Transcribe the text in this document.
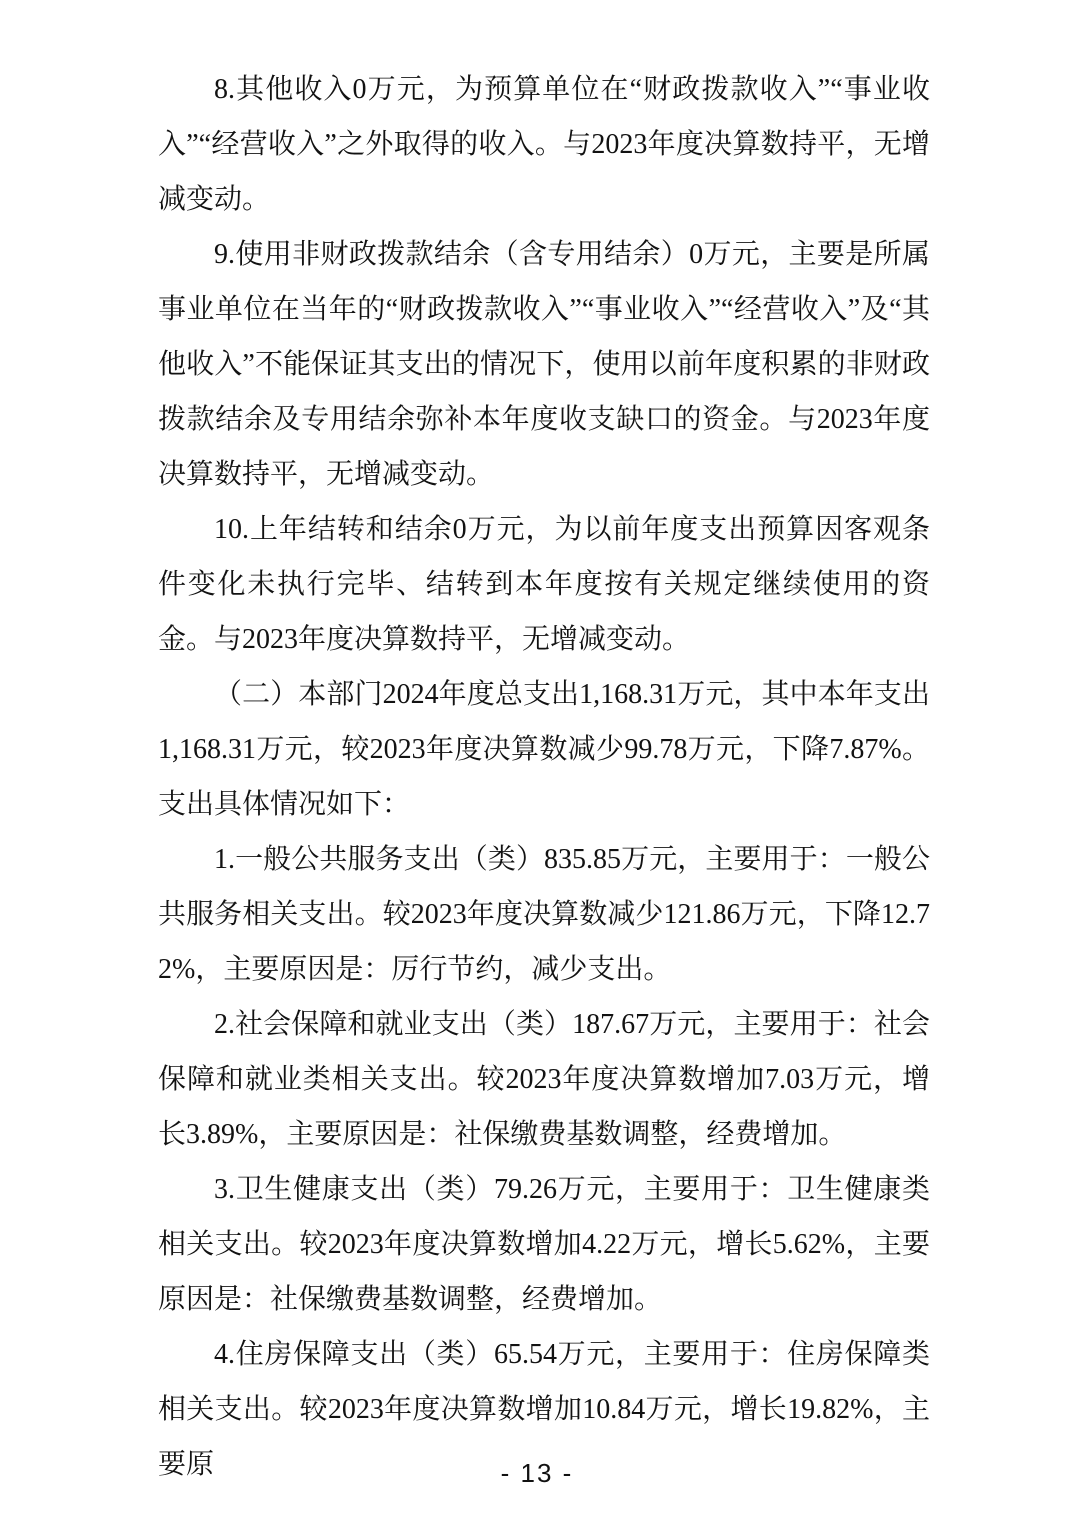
8.其他收入0万元，为预算单位在“财政拨款收入”“事业收入”“经营收入”之外取得的收入。与2023年度决算数持平，无增减变动。

9.使用非财政拨款结余（含专用结余）0万元，主要是所属事业单位在当年的“财政拨款收入”“事业收入”“经营收入”及“其他收入”不能保证其支出的情况下，使用以前年度积累的非财政拨款结余及专用结余弥补本年度收支缺口的资金。与2023年度决算数持平，无增减变动。

10.上年结转和结余0万元，为以前年度支出预算因客观条件变化未执行完毕、结转到本年度按有关规定继续使用的资金。与2023年度决算数持平，无增减变动。

（二）本部门2024年度总支出1,168.31万元，其中本年支出1,168.31万元，较2023年度决算数减少99.78万元，下降7.87%。支出具体情况如下：

1.一般公共服务支出（类）835.85万元，主要用于：一般公共服务相关支出。较2023年度决算数减少121.86万元，下降12.72%，主要原因是：厉行节约，减少支出。

2.社会保障和就业支出（类）187.67万元，主要用于：社会保障和就业类相关支出。较2023年度决算数增加7.03万元，增长3.89%，主要原因是：社保缴费基数调整，经费增加。

3.卫生健康支出（类）79.26万元，主要用于：卫生健康类相关支出。较2023年度决算数增加4.22万元，增长5.62%，主要原因是：社保缴费基数调整，经费增加。

4.住房保障支出（类）65.54万元，主要用于：住房保障类相关支出。较2023年度决算数增加10.84万元，增长19.82%，主要原	- 13 -
